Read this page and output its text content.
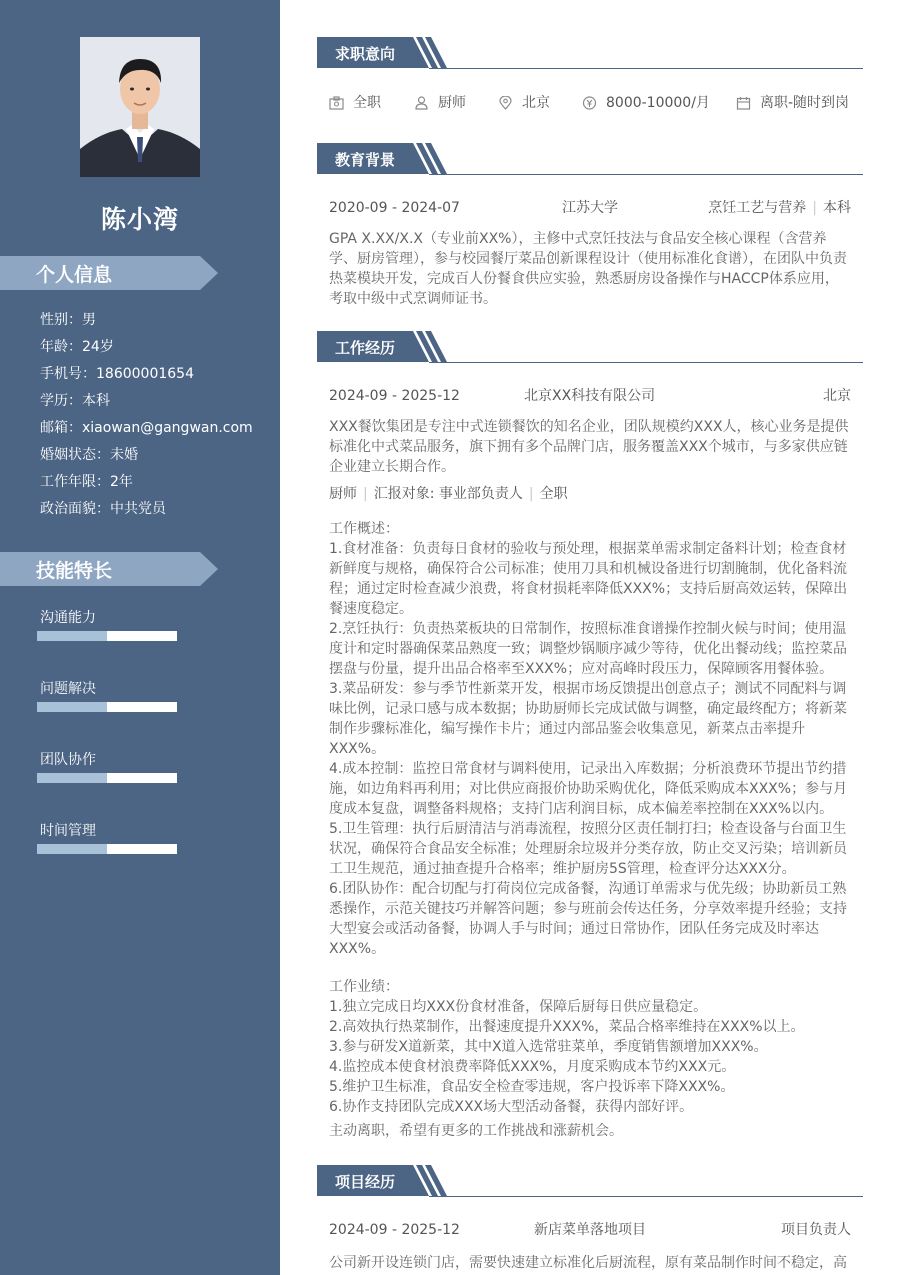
陈小湾
个人信息
性别：男
年龄：24岁
手机号：18600001654
学历：本科
邮箱：xiaowan@gangwan.com
婚姻状态：未婚
工作年限：2年
政治面貌：中共党员
技能特长
沟通能力
问题解决
团队协作
时间管理
求职意向
全职	厨师	北京	8000-10000/月	离职-随时到岗
教育背景
2020-09 - 2024-07	江苏大学	烹饪工艺与营养 | 本科
GPA X.XX/X.X（专业前XX%），主修中式烹饪技法与食品安全核心课程（含营养学、厨房管理），参与校园餐厅菜品创新课程设计（使用标准化食谱），在团队中负责热菜模块开发，完成百人份餐食供应实验，熟悉厨房设备操作与HACCP体系应用，考取中级中式烹调师证书。
工作经历
2024-09 - 2025-12	北京XX科技有限公司	北京
XXX餐饮集团是专注中式连锁餐饮的知名企业，团队规模约XXX人，核心业务是提供标准化中式菜品服务，旗下拥有多个品牌门店，服务覆盖XXX个城市，与多家供应链企业建立长期合作。
厨师 | 汇报对象: 事业部负责人 | 全职

工作概述：

1.食材准备：负责每日食材的验收与预处理，根据菜单需求制定备料计划；检查食材新鲜度与规格，确保符合公司标准；使用刀具和机械设备进行切割腌制，优化备料流程；通过定时检查减少浪费，将食材损耗率降低XXX%；支持后厨高效运转，保障出餐速度稳定。

2.烹饪执行：负责热菜板块的日常制作，按照标准食谱操作控制火候与时间；使用温度计和定时器确保菜品熟度一致；调整炒锅顺序减少等待，优化出餐动线；监控菜品摆盘与份量，提升出品合格率至XXX%；应对高峰时段压力，保障顾客用餐体验。

3.菜品研发：参与季节性新菜开发，根据市场反馈提出创意点子；测试不同配料与调味比例，记录口感与成本数据；协助厨师长完成试做与调整，确定最终配方；将新菜制作步骤标准化，编写操作卡片；通过内部品鉴会收集意见，新菜点击率提升XXX%。

4.成本控制：监控日常食材与调料使用，记录出入库数据；分析浪费环节提出节约措施，如边角料再利用；对比供应商报价协助采购优化，降低采购成本XXX%；参与月度成本复盘，调整备料规格；支持门店利润目标，成本偏差率控制在XXX%以内。

5.卫生管理：执行后厨清洁与消毒流程，按照分区责任制打扫；检查设备与台面卫生状况，确保符合食品安全标准；处理厨余垃圾并分类存放，防止交叉污染；培训新员工卫生规范，通过抽查提升合格率；维护厨房5S管理，检查评分达XXX分。

6.团队协作：配合切配与打荷岗位完成备餐，沟通订单需求与优先级；协助新员工熟悉操作，示范关键技巧并解答问题；参与班前会传达任务，分享效率提升经验；支持大型宴会或活动备餐，协调人手与时间；通过日常协作，团队任务完成及时率达XXX%。

工作业绩：

1.独立完成日均XXX份食材准备，保障后厨每日供应量稳定。

2.高效执行热菜制作，出餐速度提升XXX%，菜品合格率维持在XXX%以上。

3.参与研发X道新菜，其中X道入选常驻菜单，季度销售额增加XXX%。

4.监控成本使食材浪费率降低XXX%，月度采购成本节约XXX元。

5.维护卫生标准，食品安全检查零违规，客户投诉率下降XXX%。

6.协作支持团队完成XXX场大型活动备餐，获得内部好评。

主动离职，希望有更多的工作挑战和涨薪机会。

项目经历
2024-09 - 2025-12	新店菜单落地项目	项目负责人
公司新开设连锁门店，需要快速建立标准化后厨流程，原有菜品制作时间不稳定，高
